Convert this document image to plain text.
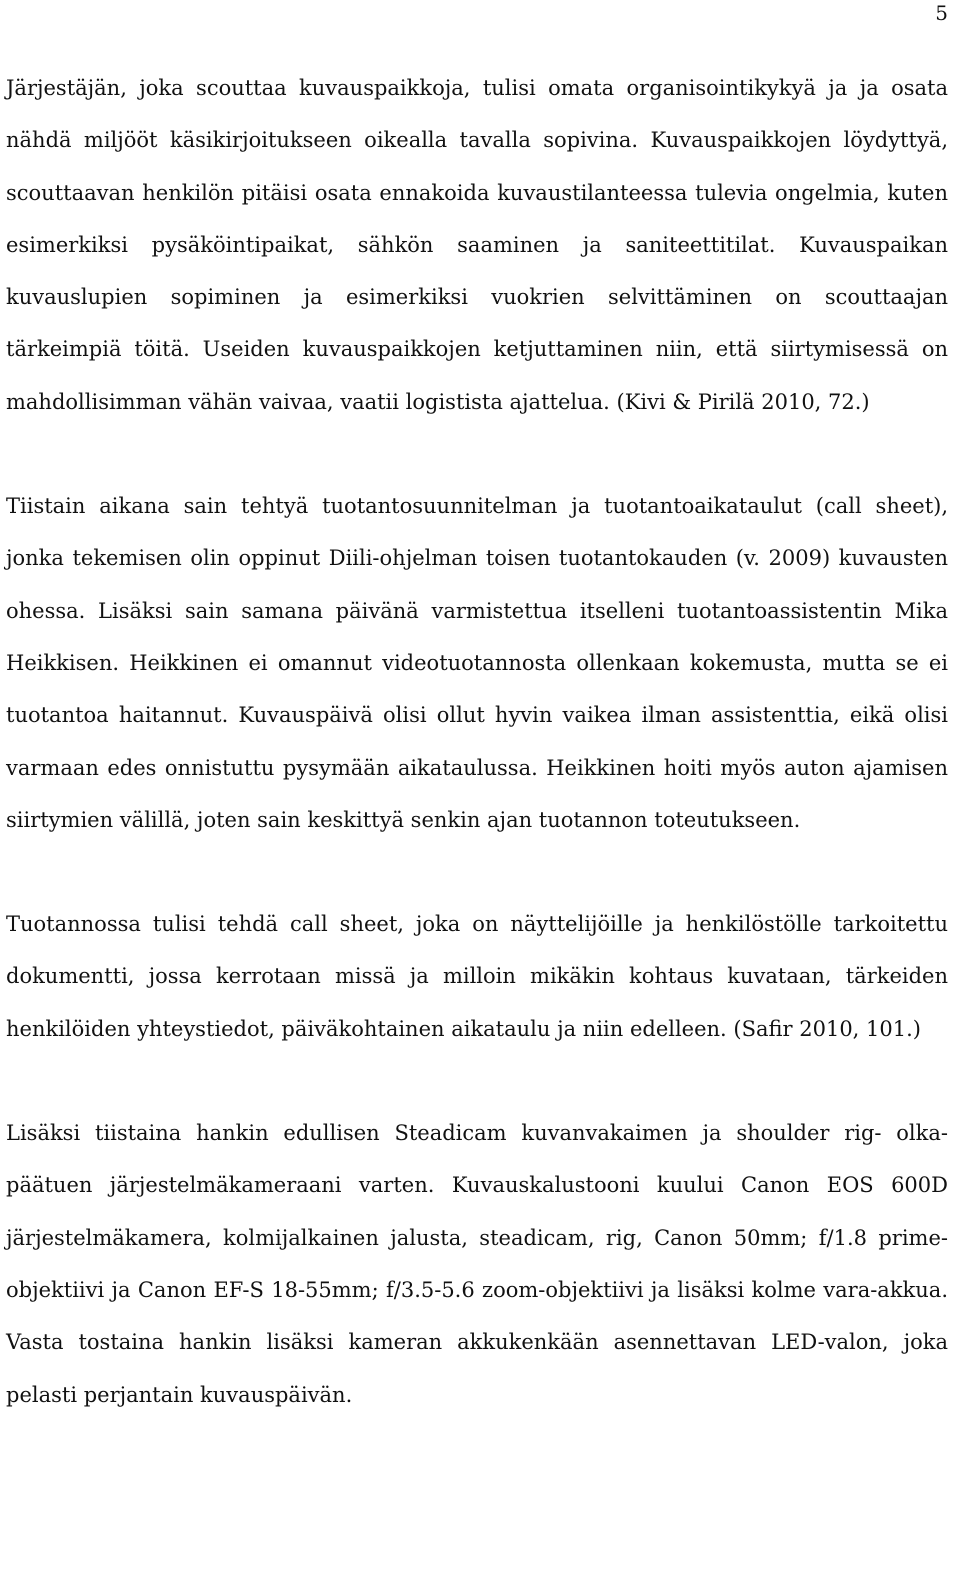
5

Järjestäjän, joka scouttaa kuvauspaikkoja, tulisi omata organisointikykyä ja ja osata nähdä miljööt käsikirjoitukseen oikealla tavalla sopivina. Kuvauspaikkojen löydyttyä, scouttaavan henkilön pitäisi osata ennakoida kuvaustilanteessa tulevia ongelmia, kuten esimerkiksi pysäköintipaikat, sähkön saaminen ja saniteettitilat. Kuvauspaikan kuvauslupien sopiminen ja esimerkiksi vuokrien selvittäminen on scouttaajan tärkeimpiä töitä. Useiden kuvauspaikkojen ketjuttaminen niin, että siirtymisessä on mahdollisimman vähän vaivaa, vaatii logistista ajattelua. (Kivi & Pirilä 2010, 72.)

Tiistain aikana sain tehtyä tuotantosuunnitelman ja tuotantoaikataulut (call sheet), jonka tekemisen olin oppinut Diili-ohjelman toisen tuotantokauden (v. 2009) kuvausten ohessa. Lisäksi sain samana päivänä varmistettua itselleni tuotantoassistentin Mika Heikkisen. Heikkinen ei omannut videotuotannosta ollenkaan kokemusta, mutta se ei tuotantoa haitannut. Kuvauspäivä olisi ollut hyvin vaikea ilman assistenttia, eikä olisi varmaan edes onnistuttu pysymään aikataulussa. Heikkinen hoiti myös auton ajamisen siirtymien välillä, joten sain keskittyä senkin ajan tuotannon toteutukseen.

Tuotannossa tulisi tehdä call sheet, joka on näyttelijöille ja henkilöstölle tarkoitettu dokumentti, jossa kerrotaan missä ja milloin mikäkin kohtaus kuvataan, tärkeiden henkilöiden yhteystiedot, päiväkohtainen aikataulu ja niin edelleen. (Safir 2010, 101.)

Lisäksi tiistaina hankin edullisen Steadicam kuvanvakaimen ja shoulder rig- olkapäätuen järjestelmäkameraani varten. Kuvauskalustooni kuului Canon EOS 600D järjestelmäkamera, kolmijalkainen jalusta, steadicam, rig, Canon 50mm; f/1.8 prime-objektiivi ja Canon EF-S 18-55mm; f/3.5-5.6 zoom-objektiivi ja lisäksi kolme vara-akkua. Vasta tostaina hankin lisäksi kameran akkukenkään asennettavan LED-valon, joka pelasti perjantain kuvauspäivän.
